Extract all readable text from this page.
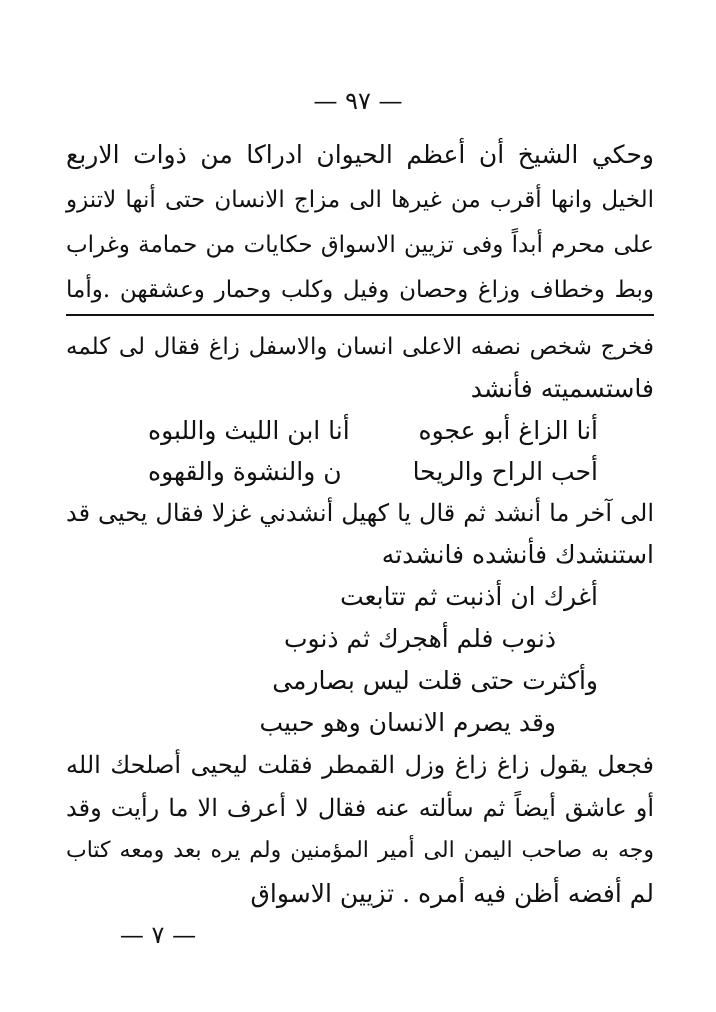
— ٩٧ —
وحكي الشيخ أن أعظم الحيوان ادراكا من ذوات الاربع
الخيل وانها أقرب من غيرها الى مزاج الانسان حتى أنها لاتنزو
على محرم أبداً وفى تزيين الاسواق حكايات من حمامة وغراب
وبط وخطاف وزاغ وحصان وفيل وكلب وحمار وعشقهن .وأما
فخرج شخص نصفه الاعلى انسان والاسفل زاغ فقال لى كلمه
فاستسميته فأنشد
أنا الزاغ أبو عجوه
أنا ابن الليث واللبوه
أحب الراح والريحا
ن والنشوة والقهوه
الى آخر ما أنشد ثم قال يا كهيل أنشدني غزلا فقال يحيى قد
استنشدك فأنشده فانشدته
أغرك ان أذنبت ثم تتابعت
ذنوب فلم أهجرك ثم ذنوب
وأكثرت حتى قلت ليس بصارمى
وقد يصرم الانسان وهو حبيب
فجعل يقول زاغ زاغ وزل القمطر فقلت ليحيى أصلحك الله
أو عاشق أيضاً ثم سألته عنه فقال لا أعرف الا ما رأيت وقد
وجه به صاحب اليمن الى أمير المؤمنين ولم يره بعد ومعه كتاب
لم أفضه أظن فيه أمره . تزيين الاسواق
— ٧ —
